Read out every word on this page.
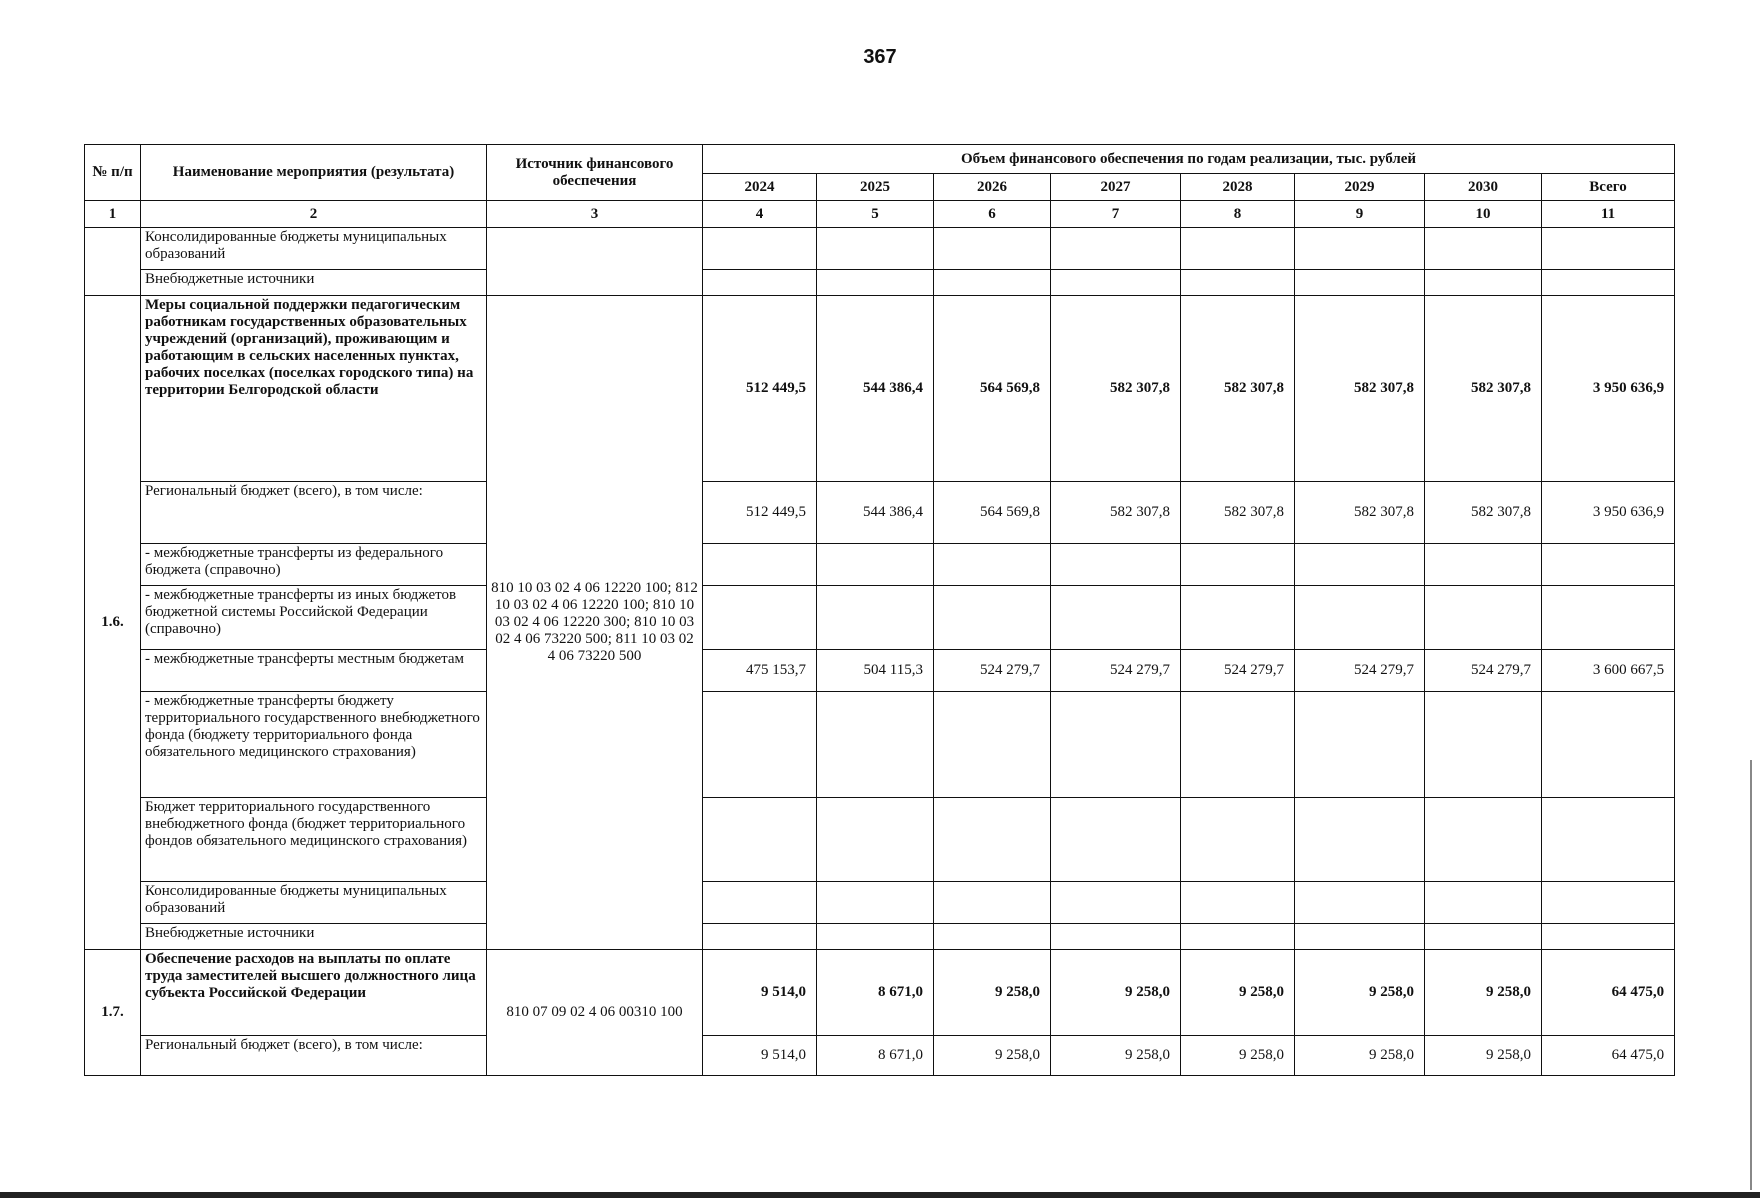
367
№ п/п	Наименование мероприятия (результата)	Источник финансового обеспечения	Объем финансового обеспечения по годам реализации, тыс. рублей							
			2024	2025	2026	2027	2028	2029	2030	Всего
1	2	3	4	5	6	7	8	9	10	11
	Консолидированные бюджеты муниципальных образований									
	Внебюджетные источники									
1.6.	Меры социальной поддержки педагогическим работникам государственных образовательных учреждений (организаций), проживающим и работающим в сельских населенных пунктах, рабочих поселках (поселках городского типа) на территории Белгородской области	810 10 03 02 4 06 12220 100; 812 10 03 02 4 06 12220 100; 810 10 03 02 4 06 12220 300; 810 10 03 02 4 06 73220 500; 811 10 03 02 4 06 73220 500	512 449,5	544 386,4	564 569,8	582 307,8	582 307,8	582 307,8	582 307,8	3 950 636,9
	Региональный бюджет (всего), в том числе:		512 449,5	544 386,4	564 569,8	582 307,8	582 307,8	582 307,8	582 307,8	3 950 636,9
	- межбюджетные трансферты из федерального бюджета (справочно)									
	- межбюджетные трансферты из иных бюджетов бюджетной системы Российской Федерации (справочно)									
	- межбюджетные трансферты местным бюджетам		475 153,7	504 115,3	524 279,7	524 279,7	524 279,7	524 279,7	524 279,7	3 600 667,5
	- межбюджетные трансферты бюджету территориального государственного внебюджетного фонда (бюджету территориального фонда обязательного медицинского страхования)									
	Бюджет территориального государственного внебюджетного фонда (бюджет территориального фондов обязательного медицинского страхования)									
	Консолидированные бюджеты муниципальных образований									
	Внебюджетные источники									
1.7.	Обеспечение расходов на выплаты по оплате труда заместителей высшего должностного лица субъекта Российской Федерации	810 07 09 02 4 06 00310 100	9 514,0	8 671,0	9 258,0	9 258,0	9 258,0	9 258,0	9 258,0	64 475,0
	Региональный бюджет (всего), в том числе:		9 514,0	8 671,0	9 258,0	9 258,0	9 258,0	9 258,0	9 258,0	64 475,0
